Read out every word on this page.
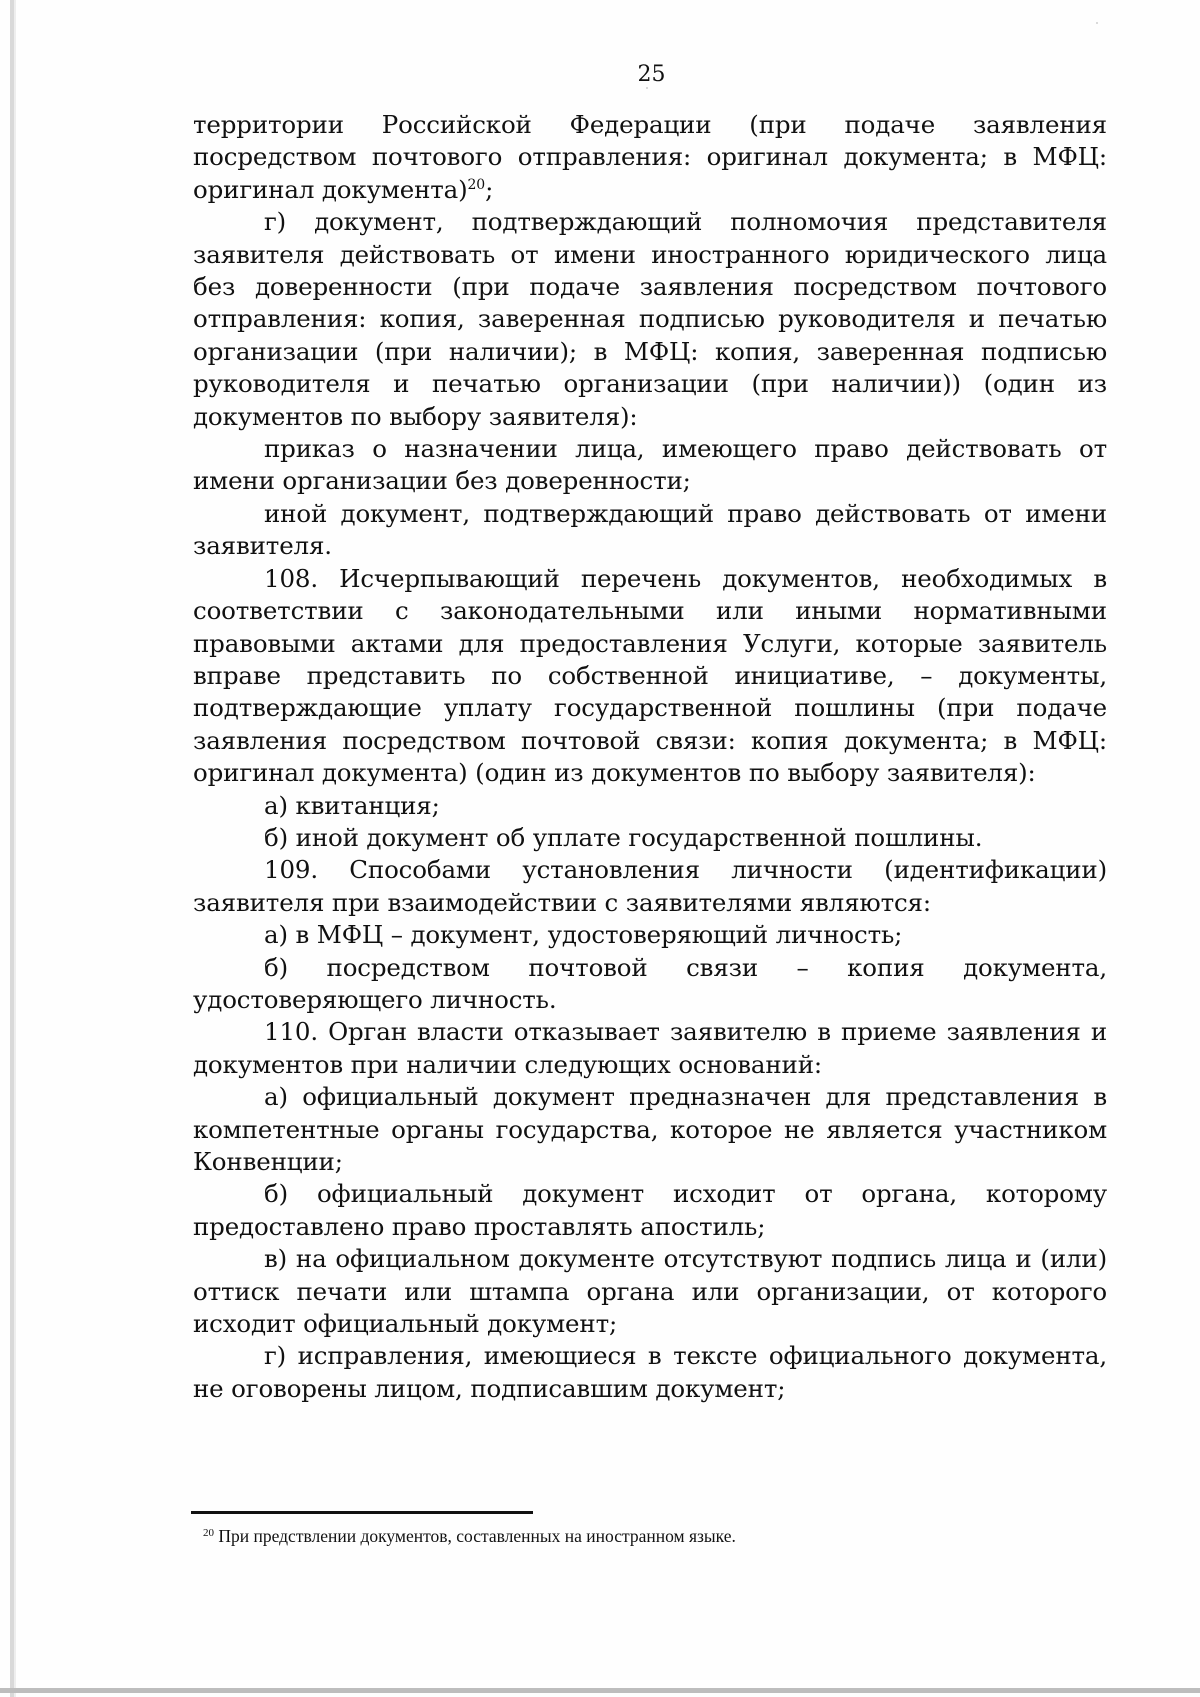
25

территории Российской Федерации (при подаче заявления посредством почтового отправления: оригинал документа; в МФЦ: оригинал документа)$^{20}$;

г) документ, подтверждающий полномочия представителя заявителя действовать от имени иностранного юридического лица без доверенности (при подаче заявления посредством почтового отправления: копия, заверенная подписью руководителя и печатью организации (при наличии); в МФЦ: копия, заверенная подписью руководителя и печатью организации (при наличии)) (один из документов по выбору заявителя):

приказ о назначении лица, имеющего право действовать от имени организации без доверенности;

иной документ, подтверждающий право действовать от имени заявителя.

108. Исчерпывающий перечень документов, необходимых в соответствии с законодательными или иными нормативными правовыми актами для предоставления Услуги, которые заявитель вправе представить по собственной инициативе, – документы, подтверждающие уплату государственной пошлины (при подаче заявления посредством почтовой связи: копия документа; в МФЦ: оригинал документа) (один из документов по выбору заявителя):

а) квитанция;

б) иной документ об уплате государственной пошлины.

109. Способами установления личности (идентификации) заявителя при взаимодействии с заявителями являются:

а) в МФЦ – документ, удостоверяющий личность;

б) посредством почтовой связи – копия документа, удостоверяющего личность.

110. Орган власти отказывает заявителю в приеме заявления и документов при наличии следующих оснований:

а) официальный документ предназначен для представления в компетентные органы государства, которое не является участником Конвенции;

б) официальный документ исходит от органа, которому предоставлено право проставлять апостиль;

в) на официальном документе отсутствуют подпись лица и (или) оттиск печати или штампа органа или организации, от которого исходит официальный документ;

г) исправления, имеющиеся в тексте официального документа, не оговорены лицом, подписавшим документ;

$^{20}$ При предствлении документов, составленных на иностранном языке.
